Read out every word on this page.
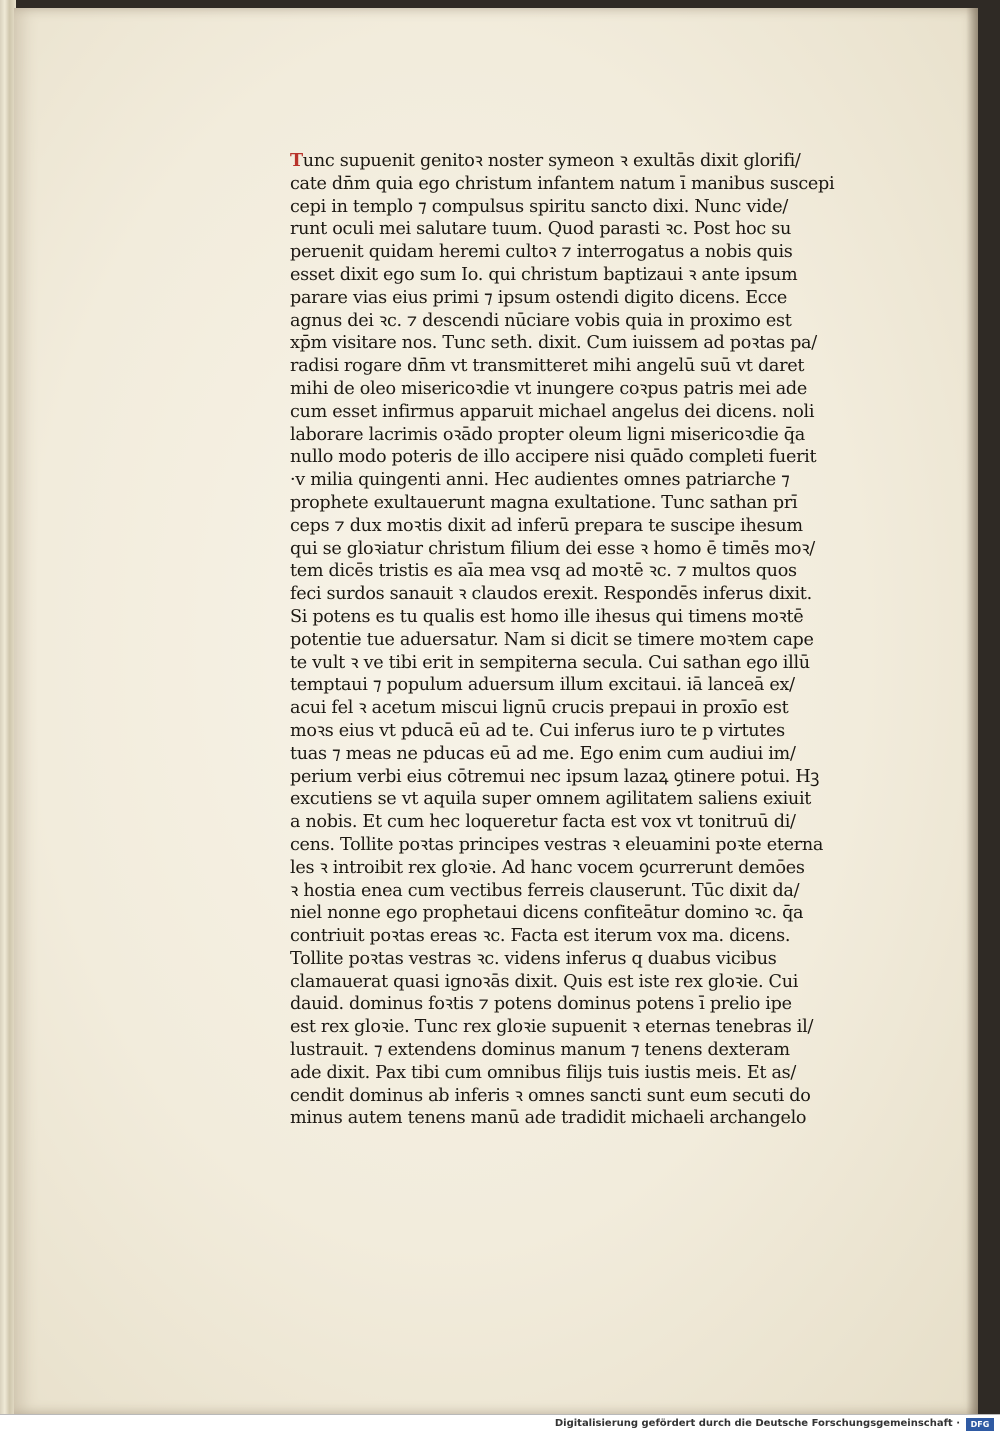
Tunc supuenit genitoꝛ noster symeon ꝛ exultās dixit glorifi/
cate dn̄m quia ego christum infantem natum ī manibus suscepi
cepi in templo ⁊ compulsus spiritu sancto dixi. Nunc vide/
runt oculi mei salutare tuum. Quod parasti ꝛc. Post hoc su
peruenit quidam heremi cultoꝛ ⁊ interrogatus a nobis quis
esset dixit ego sum Io. qui christum baptizaui ꝛ ante ipsum
parare vias eius primi ⁊ ipsum ostendi digito dicens. Ecce
agnus dei ꝛc. ⁊ descendi nūciare vobis quia in proximo est
xp̄m visitare nos. Tunc seth. dixit. Cum iuissem ad poꝛtas pa/
radisi rogare dn̄m vt transmitteret mihi angelū suū vt daret
mihi de oleo misericoꝛdie vt inungere coꝛpus patris mei ade
cum esset infirmus apparuit michael angelus dei dicens. noli
laborare lacrimis oꝛādo propter oleum ligni misericoꝛdie q̄a
nullo modo poteris de illo accipere nisi quādo completi fuerit
·v milia quingenti anni. Hec audientes omnes patriarche ⁊
prophete exultauerunt magna exultatione. Tunc sathan prī
ceps ⁊ dux moꝛtis dixit ad inferū prepara te suscipe ihesum
qui se gloꝛiatur christum filium dei esse ꝛ homo ē timēs moꝛ/
tem dicēs tristis es aīa mea vsq ad moꝛtē ꝛc. ⁊ multos quos
feci surdos sanauit ꝛ claudos erexit. Respondēs inferus dixit.
Si potens es tu qualis est homo ille ihesus qui timens moꝛtē
potentie tue aduersatur. Nam si dicit se timere moꝛtem cape
te vult ꝛ ve tibi erit in sempiterna secula. Cui sathan ego illū
temptaui ⁊ populum aduersum illum excitaui. iā lanceā ex/
acui fel ꝛ acetum miscui lignū crucis prepaui in proxīo est
moꝛs eius vt pducā eū ad te. Cui inferus iuro te p virtutes
tuas ⁊ meas ne pducas eū ad me. Ego enim cum audiui im/
perium verbi eius cōtremui nec ipsum lazaꝝ ꝯtinere potui. Hꝫ
excutiens se vt aquila super omnem agilitatem saliens exiuit
a nobis. Et cum hec loqueretur facta est vox vt tonitruū di/
cens. Tollite poꝛtas principes vestras ꝛ eleuamini poꝛte eterna
les ꝛ introibit rex gloꝛie. Ad hanc vocem ꝯcurrerunt demōes
ꝛ hostia enea cum vectibus ferreis clauserunt. Tūc dixit da/
niel nonne ego prophetaui dicens confiteātur domino ꝛc. q̄a
contriuit poꝛtas ereas ꝛc. Facta est iterum vox ma. dicens.
Tollite poꝛtas vestras ꝛc. videns inferus q duabus vicibus
clamauerat quasi ignoꝛās dixit. Quis est iste rex gloꝛie. Cui
dauid. dominus foꝛtis ⁊ potens dominus potens ī prelio ipe
est rex gloꝛie. Tunc rex gloꝛie supuenit ꝛ eternas tenebras il/
lustrauit. ⁊ extendens dominus manum ⁊ tenens dexteram
ade dixit. Pax tibi cum omnibus filijs tuis iustis meis. Et as/
cendit dominus ab inferis ꝛ omnes sancti sunt eum secuti do
minus autem tenens manū ade tradidit michaeli archangelo
Digitalisierung gefördert durch die Deutsche Forschungsgemeinschaft ·	DFG
